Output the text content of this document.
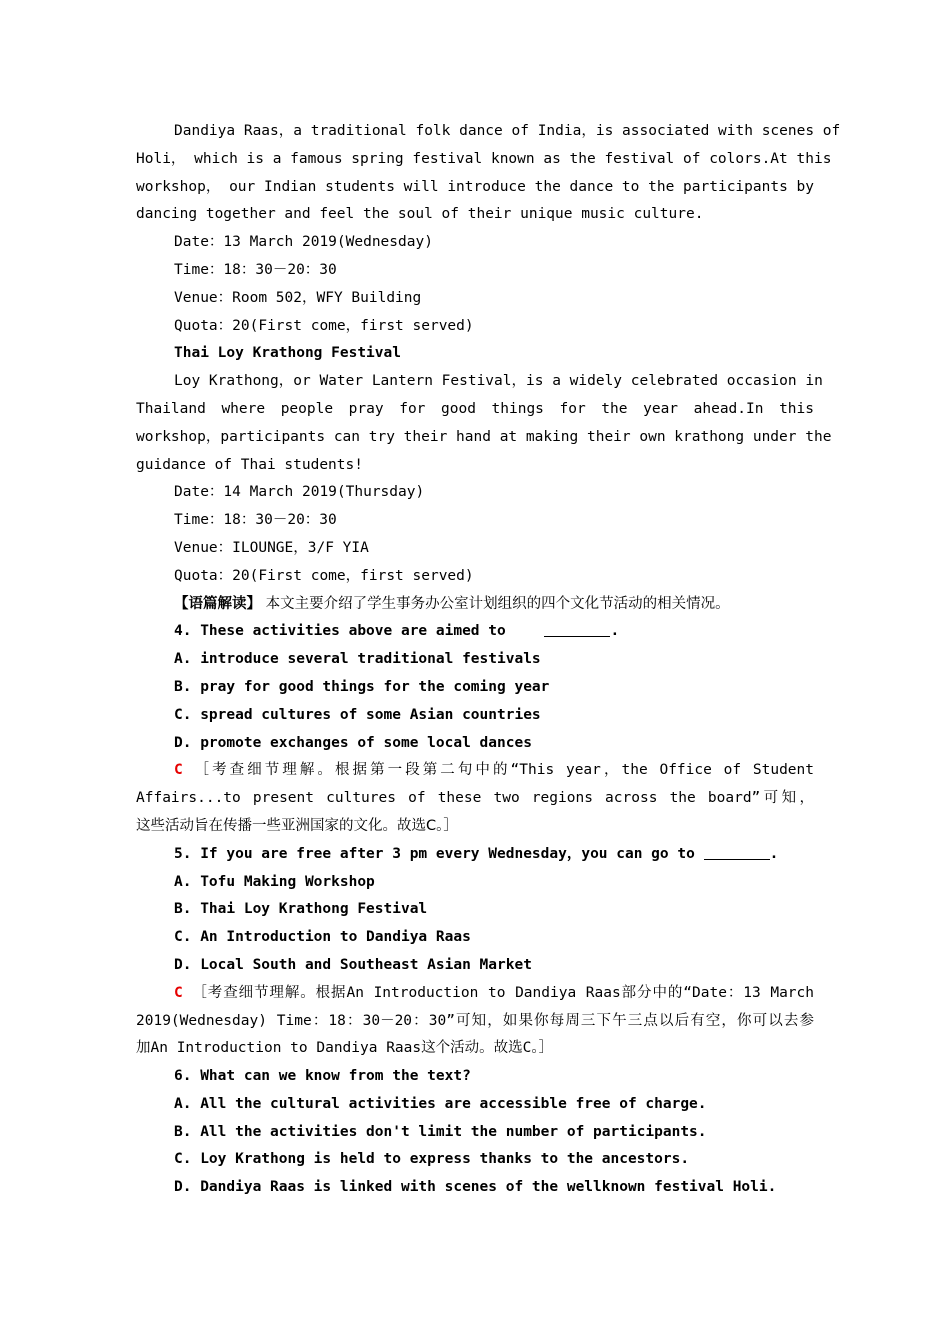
Dandiya Raas，a traditional folk dance of India，is associated with scenes of
Holi， which is a famous spring festival known as the festival of colors.At this
workshop， our Indian students will introduce the dance to the participants by
dancing together and feel the soul of their unique music culture.
Date：13 March 2019(Wednesday)
Time：18：30－20：30
Venue：Room 502，WFY Building
Quota：20(First come，first served)
Thai Loy Krathong Festival
Loy Krathong，or Water Lantern Festival，is a widely celebrated occasion in
Thailand where people pray for good things for the year ahead.In this
workshop，participants can try their hand at making their own krathong under the
guidance of Thai students!
Date：14 March 2019(Thursday)
Time：18：30－20：30
Venue：ILOUNGE，3/F YIA
Quota：20(First come，first served)
【语篇解读】 本文主要介绍了学生事务办公室计划组织的四个文化节活动的相关情况。
4. These activities above are aimed to	.
A. introduce several traditional festivals
B. pray for good things for the coming year
C. spread cultures of some Asian countries
D. promote exchanges of some local dances
C ［考查细节理解。根据第一段第二句中的“This year，the Office of Student
Affairs...to present cultures of these two regions across the board”可知，
这些活动旨在传播一些亚洲国家的文化。故选C。］
5. If you are free after 3 pm every Wednesday，you can go to	.
A. Tofu Making Workshop
B. Thai Loy Krathong Festival
C. An Introduction to Dandiya Raas
D. Local South and Southeast Asian Market
C ［考查细节理解。根据An Introduction to Dandiya Raas部分中的“Date：13 March
2019(Wednesday) Time：18：30－20：30”可知，如果你每周三下午三点以后有空，你可以去参
加An Introduction to Dandiya Raas这个活动。故选C。］
6. What can we know from the text?
A. All the cultural activities are accessible free of charge.
B. All the activities don't limit the number of participants.
C. Loy Krathong is held to express thanks to the ancestors.
D. Dandiya Raas is linked with scenes of the wellknown festival Holi.
